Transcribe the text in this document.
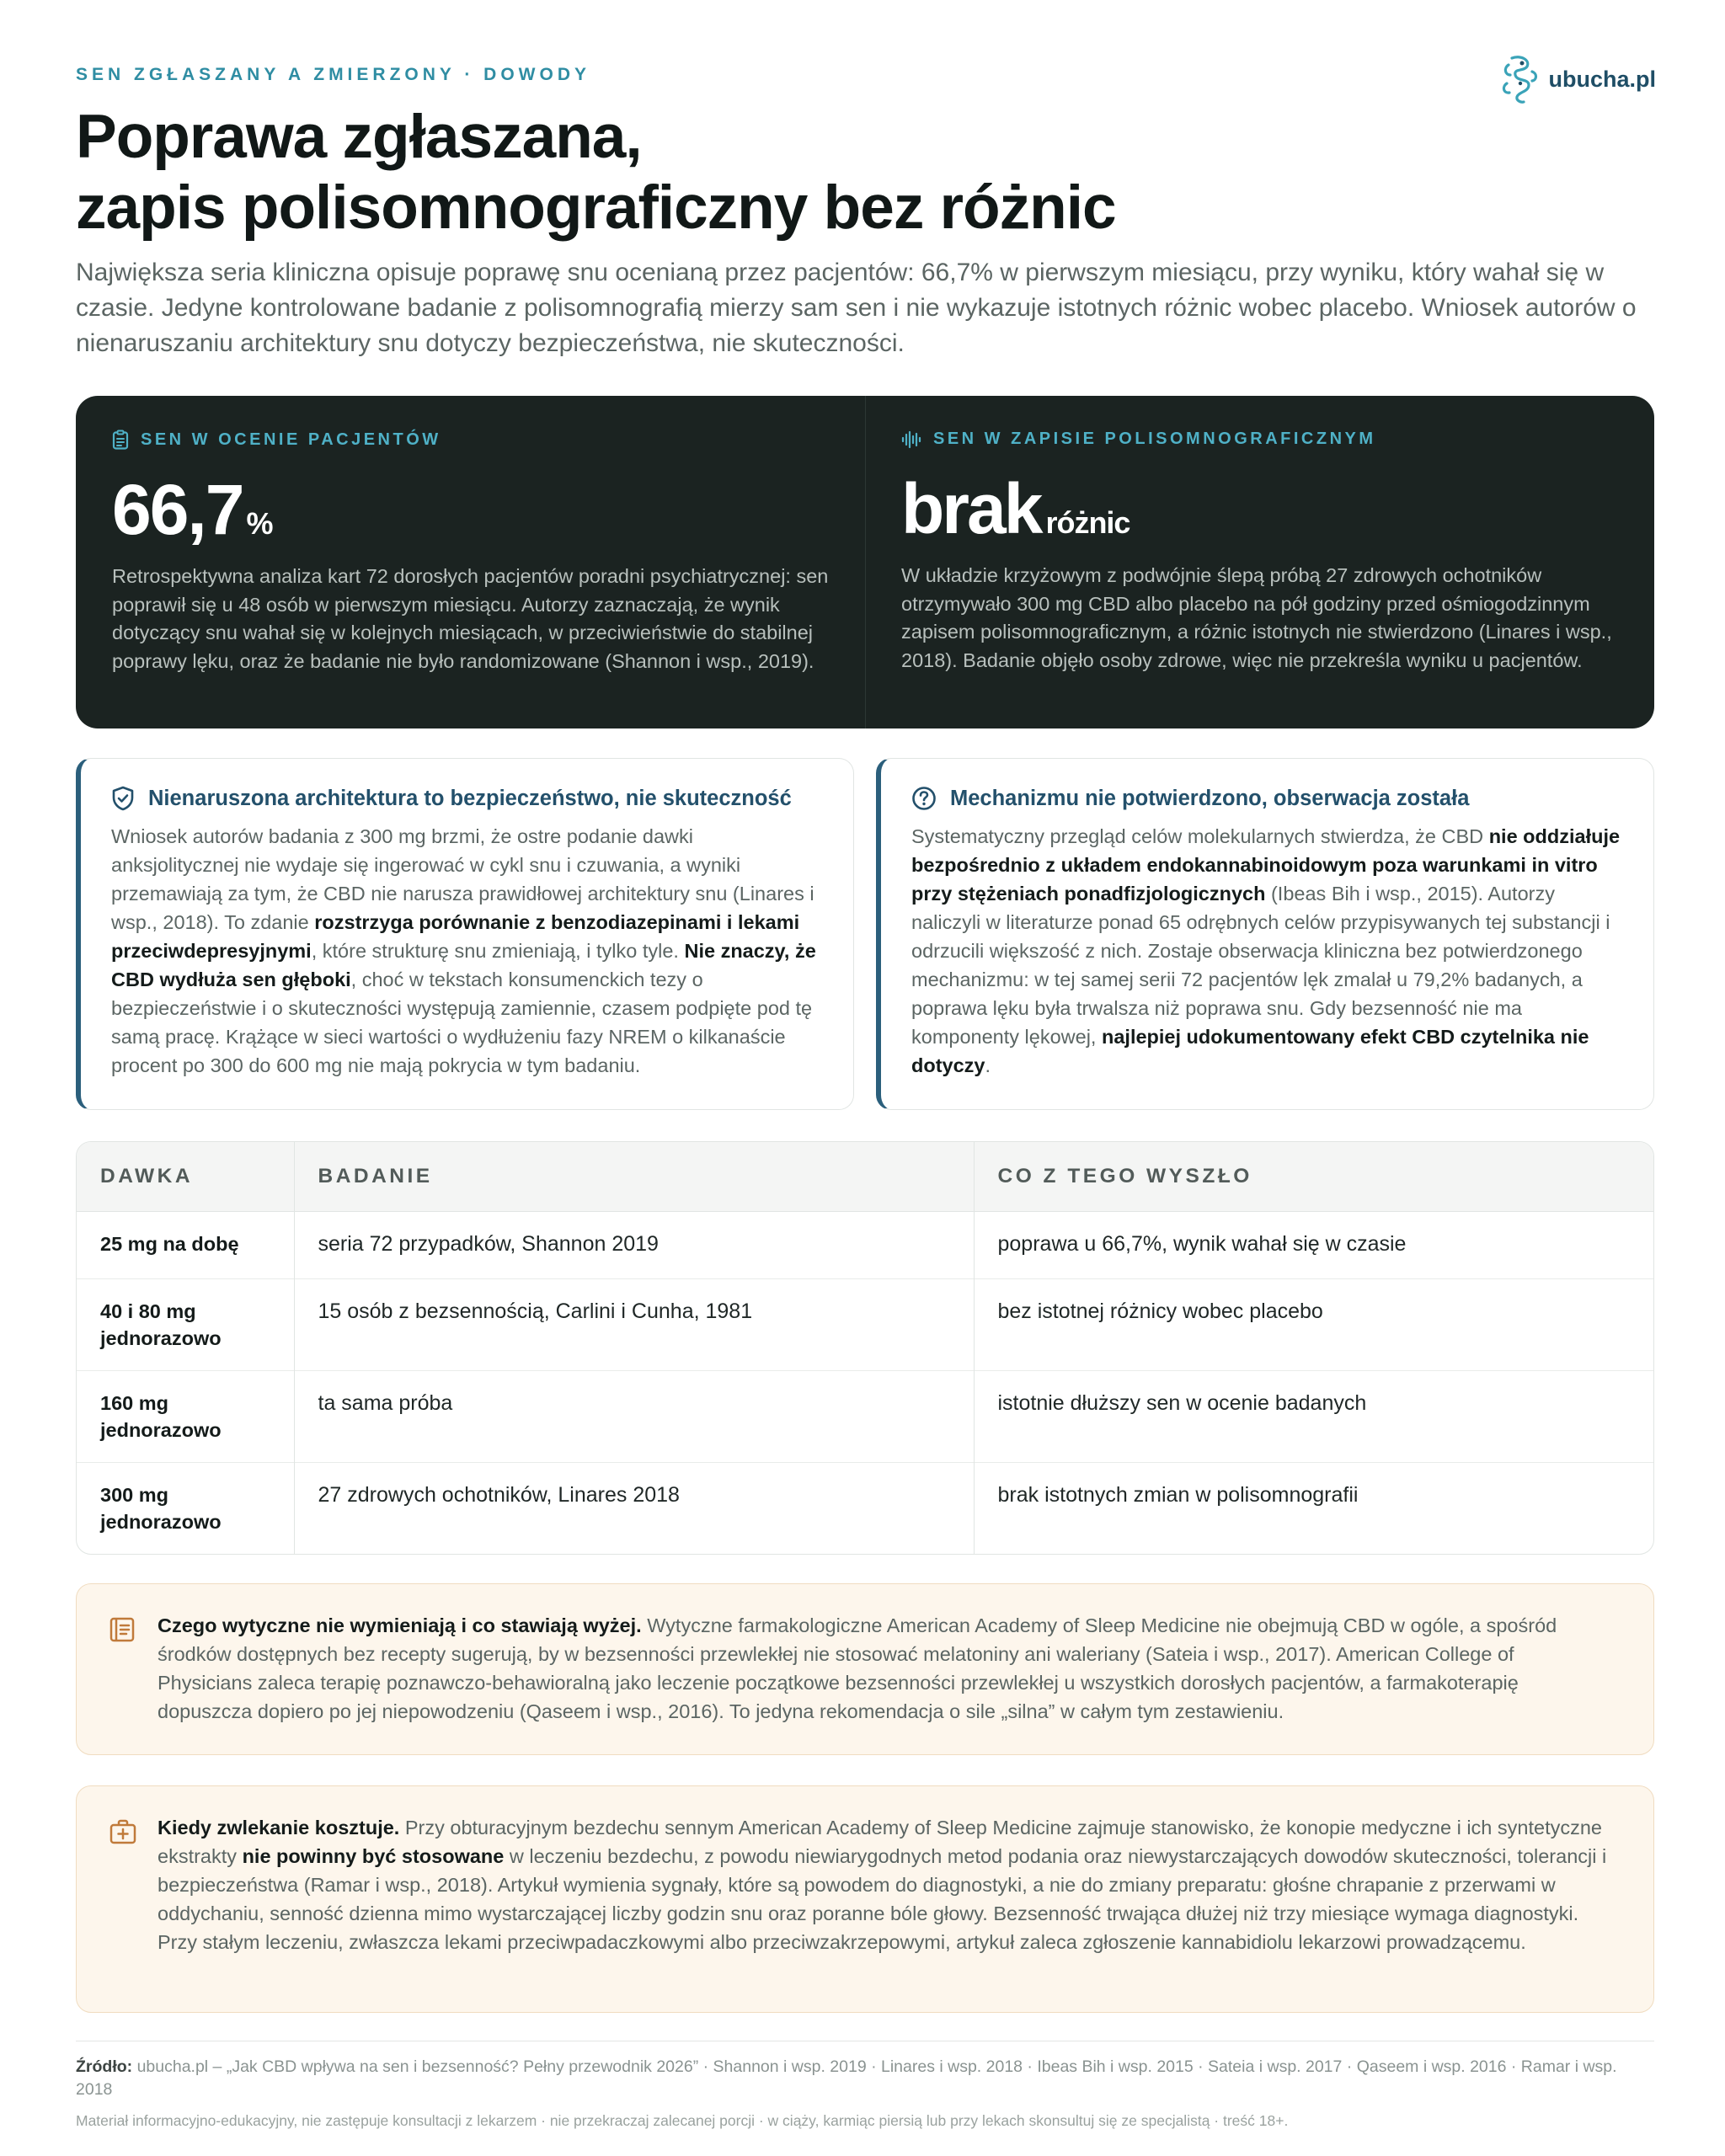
SEN ZGŁASZANY A ZMIERZONY · DOWODY	ubucha.pl
Poprawa zgłaszana,
zapis polisomnograficzny bez różnic

Największa seria kliniczna opisuje poprawę snu ocenianą przez pacjentów: 66,7% w pierwszym miesiącu, przy wyniku, który wahał się w czasie. Jedyne kontrolowane badanie z polisomnografią mierzy sam sen i nie wykazuje istotnych różnic wobec placebo. Wniosek autorów o nienaruszaniu architektury snu dotyczy bezpieczeństwa, nie skuteczności.

SEN W OCENIE PACJENTÓW
66,7 %

Retrospektywna analiza kart 72 dorosłych pacjentów poradni psychiatrycznej: sen poprawił się u 48 osób w pierwszym miesiącu. Autorzy zaznaczają, że wynik dotyczący snu wahał się w kolejnych miesiącach, w przeciwieństwie do stabilnej poprawy lęku, oraz że badanie nie było randomizowane (Shannon i wsp., 2019).

SEN W ZAPISIE POLISOMNOGRAFICZNYM
brak różnic

W układzie krzyżowym z podwójnie ślepą próbą 27 zdrowych ochotników otrzymywało 300 mg CBD albo placebo na pół godziny przed ośmiogodzinnym zapisem polisomnograficznym, a różnic istotnych nie stwierdzono (Linares i wsp., 2018). Badanie objęło osoby zdrowe, więc nie przekreśla wyniku u pacjentów.

Nienaruszona architektura to bezpieczeństwo, nie skuteczność

Wniosek autorów badania z 300 mg brzmi, że ostre podanie dawki anksjolitycznej nie wydaje się ingerować w cykl snu i czuwania, a wyniki przemawiają za tym, że CBD nie narusza prawidłowej architektury snu (Linares i wsp., 2018). To zdanie rozstrzyga porównanie z benzodiazepinami i lekami przeciwdepresyjnymi, które strukturę snu zmieniają, i tylko tyle. Nie znaczy, że CBD wydłuża sen głęboki, choć w tekstach konsumenckich tezy o bezpieczeństwie i o skuteczności występują zamiennie, czasem podpięte pod tę samą pracę. Krążące w sieci wartości o wydłużeniu fazy NREM o kilkanaście procent po 300 do 600 mg nie mają pokrycia w tym badaniu.

Mechanizmu nie potwierdzono, obserwacja została

Systematyczny przegląd celów molekularnych stwierdza, że CBD nie oddziałuje bezpośrednio z układem endokannabinoidowym poza warunkami in vitro przy stężeniach ponadfizjologicznych (Ibeas Bih i wsp., 2015). Autorzy naliczyli w literaturze ponad 65 odrębnych celów przypisywanych tej substancji i odrzucili większość z nich. Zostaje obserwacja kliniczna bez potwierdzonego mechanizmu: w tej samej serii 72 pacjentów lęk zmalał u 79,2% badanych, a poprawa lęku była trwalsza niż poprawa snu. Gdy bezsenność nie ma komponenty lękowej, najlepiej udokumentowany efekt CBD czytelnika nie dotyczy.

DAWKA	BADANIE	CO Z TEGO WYSZŁO
25 mg na dobę	seria 72 przypadków, Shannon 2019	poprawa u 66,7%, wynik wahał się w czasie
40 i 80 mg jednorazowo	15 osób z bezsennością, Carlini i Cunha, 1981	bez istotnej różnicy wobec placebo
160 mg jednorazowo	ta sama próba	istotnie dłuższy sen w ocenie badanych
300 mg jednorazowo	27 zdrowych ochotników, Linares 2018	brak istotnych zmian w polisomnografii

Czego wytyczne nie wymieniają i co stawiają wyżej. Wytyczne farmakologiczne American Academy of Sleep Medicine nie obejmują CBD w ogóle, a spośród środków dostępnych bez recepty sugerują, by w bezsenności przewlekłej nie stosować melatoniny ani waleriany (Sateia i wsp., 2017). American College of Physicians zaleca terapię poznawczo-behawioralną jako leczenie początkowe bezsenności przewlekłej u wszystkich dorosłych pacjentów, a farmakoterapię dopuszcza dopiero po jej niepowodzeniu (Qaseem i wsp., 2016). To jedyna rekomendacja o sile „silna” w całym tym zestawieniu.

Kiedy zwlekanie kosztuje. Przy obturacyjnym bezdechu sennym American Academy of Sleep Medicine zajmuje stanowisko, że konopie medyczne i ich syntetyczne ekstrakty nie powinny być stosowane w leczeniu bezdechu, z powodu niewiarygodnych metod podania oraz niewystarczających dowodów skuteczności, tolerancji i bezpieczeństwa (Ramar i wsp., 2018). Artykuł wymienia sygnały, które są powodem do diagnostyki, a nie do zmiany preparatu: głośne chrapanie z przerwami w oddychaniu, senność dzienna mimo wystarczającej liczby godzin snu oraz poranne bóle głowy. Bezsenność trwająca dłużej niż trzy miesiące wymaga diagnostyki. Przy stałym leczeniu, zwłaszcza lekami przeciwpadaczkowymi albo przeciwzakrzepowymi, artykuł zaleca zgłoszenie kannabidiolu lekarzowi prowadzącemu.

Źródło: ubucha.pl – „Jak CBD wpływa na sen i bezsenność? Pełny przewodnik 2026” · Shannon i wsp. 2019 · Linares i wsp. 2018 · Ibeas Bih i wsp. 2015 · Sateia i wsp. 2017 · Qaseem i wsp. 2016 · Ramar i wsp. 2018

Materiał informacyjno-edukacyjny, nie zastępuje konsultacji z lekarzem · nie przekraczaj zalecanej porcji · w ciąży, karmiąc piersią lub przy lekach skonsultuj się ze specjalistą · treść 18+.
